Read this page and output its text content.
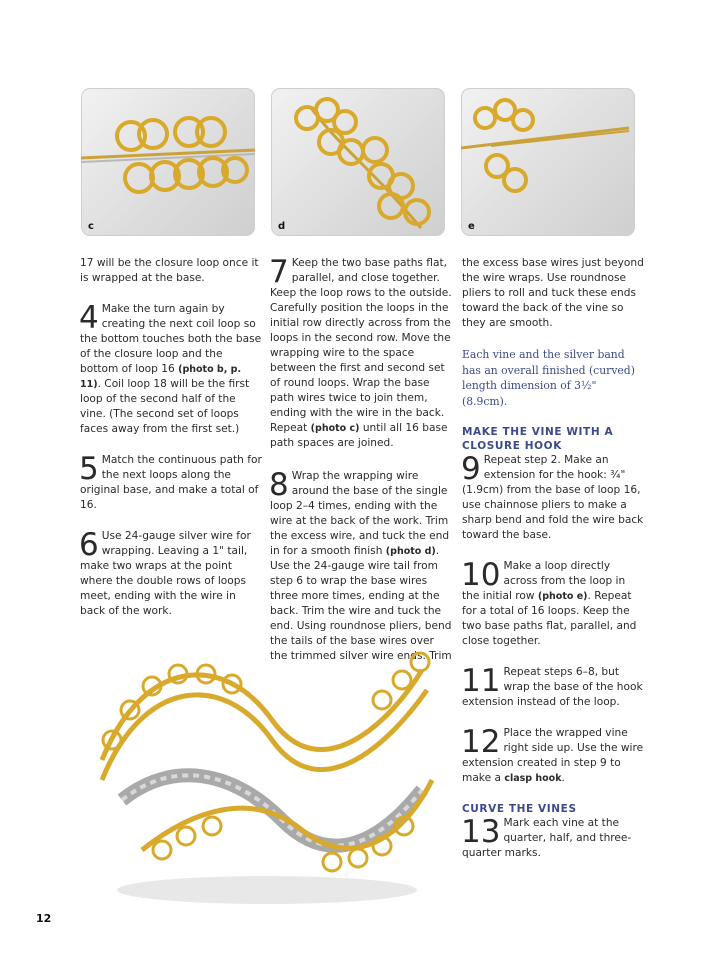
c	d	e

17 will be the closure loop once it is wrapped at the base.

4 Make the turn again by creating the next coil loop so the bottom touches both the base of the closure loop and the bottom of loop 16 (photo b, p. 11). Coil loop 18 will be the first loop of the second half of the vine. (The second set of loops faces away from the first set.)
5 Match the continuous path for the next loops along the original base, and make a total of 16.
6 Use 24-gauge silver wire for wrapping. Leaving a 1" tail, make two wraps at the point where the double rows of loops meet, ending with the wire in back of the work.
7 Keep the two base paths flat, parallel, and close together. Keep the loop rows to the outside. Carefully position the loops in the initial row directly across from the loops in the second row. Move the wrapping wire to the space between the first and second set of round loops. Wrap the base path wires twice to join them, ending with the wire in the back. Repeat (photo c) until all 16 base path spaces are joined.
8 Wrap the wrapping wire around the base of the single loop 2–4 times, ending with the wire at the back of the work. Trim the excess wire, and tuck the end in for a smooth finish (photo d). Use the 24-gauge wire tail from step 6 to wrap the base wires three more times, ending at the back. Trim the wire and tuck the end. Using roundnose pliers, bend the tails of the base wires over the trimmed silver wire ends. Trim

the excess base wires just beyond the wire wraps. Use roundnose pliers to roll and tuck these ends toward the back of the vine so they are smooth.

Each vine and the silver band has an overall finished (curved) length dimension of 3½" (8.9cm).

MAKE THE VINE WITH A CLOSURE HOOK
9 Repeat step 2. Make an extension for the hook: ¾" (1.9cm) from the base of loop 16, use chainnose pliers to make a sharp bend and fold the wire back toward the base.
10 Make a loop directly across from the loop in the initial row (photo e). Repeat for a total of 16 loops. Keep the two base paths flat, parallel, and close together.
11 Repeat steps 6–8, but wrap the base of the hook extension instead of the loop.
12 Place the wrapped vine right side up. Use the wire extension created in step 9 to make a clasp hook.
CURVE THE VINES
13 Mark each vine at the quarter, half, and three-quarter marks.
12
